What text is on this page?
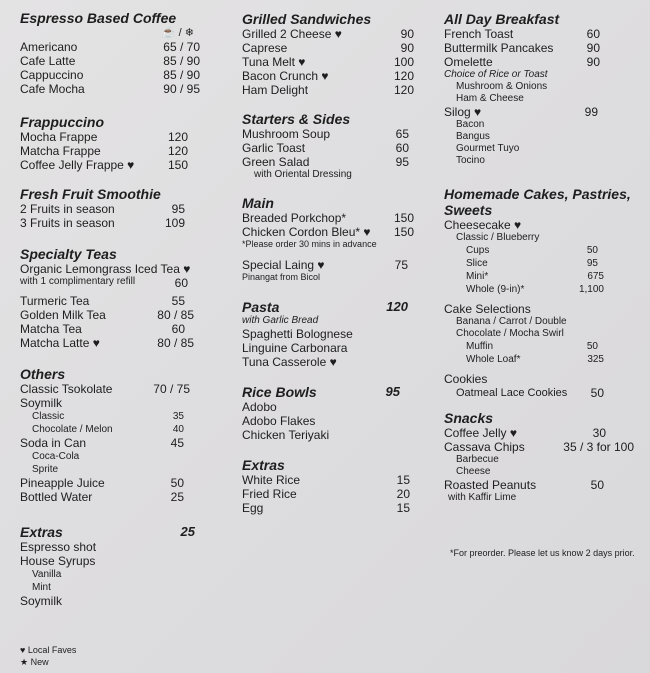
Espresso Based Coffee
☕ / ❄
Americano	65 / 70
Cafe Latte	85 / 90
Cappuccino	85 / 90
Cafe Mocha	90 / 95
Frappuccino
Mocha Frappe	120
Matcha Frappe	120
Coffee Jelly Frappe ♥	150
Fresh Fruit Smoothie
2 Fruits in season	95
3 Fruits in season	109
Specialty Teas
Organic Lemongrass Iced Tea ♥
with 1 complimentary refill	60
Turmeric Tea	55
Golden Milk Tea	80 / 85
Matcha Tea	60
Matcha Latte ♥	80 / 85
Others
Classic Tsokolate	70 / 75
Soymilk
Classic	35
Chocolate / Melon	40
Soda in Can	45
Coca-Cola
Sprite
Pineapple Juice	50
Bottled Water	25
Extras	25
Espresso shot
House Syrups
Vanilla
Mint
Soymilk
Grilled Sandwiches
Grilled 2 Cheese ♥	90
Caprese	90
Tuna Melt ♥	100
Bacon Crunch ♥	120
Ham Delight	120
Starters & Sides
Mushroom Soup	65
Garlic Toast	60
Green Salad	95
with Oriental Dressing
Main
Breaded Porkchop*	150
Chicken Cordon Bleu* ♥ 150
*Please order 30 mins in advance
Special Laing ♥	75
Pinangat from Bicol
Pasta	120
with Garlic Bread
Spaghetti Bolognese
Linguine Carbonara
Tuna Casserole ♥
Rice Bowls	95
Adobo
Adobo Flakes
Chicken Teriyaki
Extras
White Rice	15
Fried Rice	20
Egg	15
All Day Breakfast
French Toast	60
Buttermilk Pancakes	90
Omelette	90
Choice of Rice or Toast
Mushroom & Onions
Ham & Cheese
Silog ♥	99
Bacon
Bangus
Gourmet Tuyo
Tocino
Homemade Cakes, Pastries,
Sweets
Cheesecake ♥
Classic / Blueberry
Cups	50
Slice	95
Mini*	675
Whole (9-in)*	1,100
Cake Selections
Banana / Carrot / Double
Chocolate / Mocha Swirl
Muffin	50
Whole Loaf*	325
Cookies
Oatmeal Lace Cookies 50
Snacks
Coffee Jelly ♥	30
Cassava Chips	35 / 3 for 100
Barbecue
Cheese
Roasted Peanuts	50
with Kaffir Lime
*For preorder. Please let us know 2 days prior.
♥ Local Faves
★ New
